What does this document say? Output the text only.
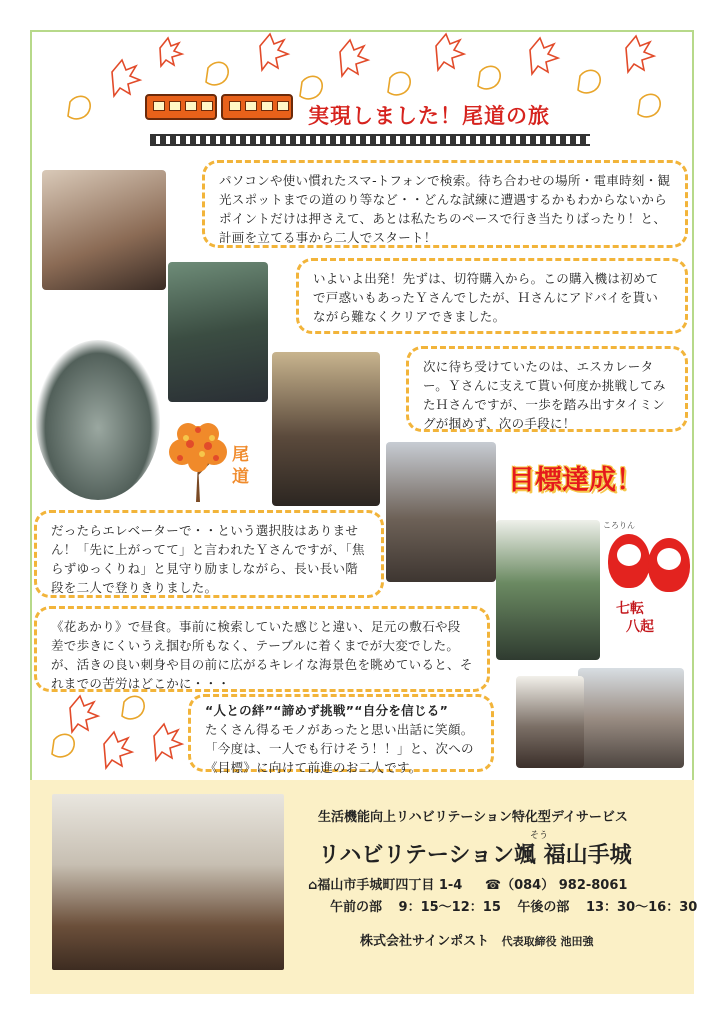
実現しました！尾道の旅
尾道
パソコンや使い慣れたスマ-トフォンで検索。待ち合わせの場所・電車時刻・観光スポットまでの道のり等など・・どんな試練に遭遇するかもわからないからポイントだけは押さえて、あとは私たちのペースで行き当たりばったり！と、計画を立てる事から二人でスタート！
いよいよ出発！先ずは、切符購入から。この購入機は初めてで戸惑いもあったＹさんでしたが、Ｈさんにアドバイを貰いながら難なくクリアできました。
次に待ち受けていたのは、エスカレーター。Ｙさんに支えて貰い何度か挑戦してみたＨさんですが、一歩を踏み出すタイミングが掴めず、次の手段に！
だったらエレベーターで・・という選択肢はありません！「先に上がってて」と言われたＹさんですが、「焦らずゆっくりね」と見守り励ましながら、長い長い階段を二人で登りきりました。
《花あかり》で昼食。事前に検索していた感じと違い、足元の敷石や段差で歩きにくいうえ掴む所もなく、テーブルに着くまでが大変でした。が、活きの良い刺身や目の前に広がるキレイな海景色を眺めていると、それまでの苦労はどこかに・・・
“人との絆”“諦めず挑戦”“自分を信じる”
たくさん得るモノがあったと思い出話に笑顔。「今度は、一人でも行けそう！！」と、次への《目標》に向けて前進のお二人です。
目標達成！
ころりん
七転
八起
生活機能向上リハビリテーション特化型デイサービス
そう
リハビリテーション颯 福山手城
⌂福山市手城町四丁目 1-4 ☎（084） 982-8061
午前の部 9：15～12：15 午後の部 13：30～16：30
株式会社サインポスト 代表取締役 池田強
